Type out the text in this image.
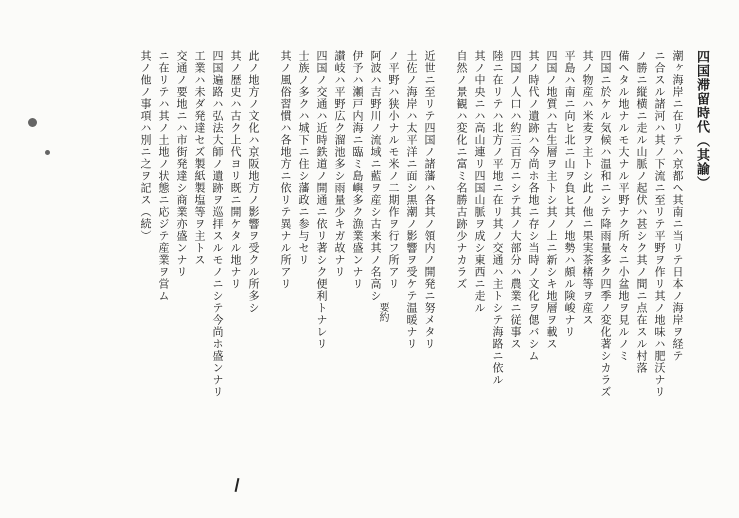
四国滞留時代（其諭）
潮ヶ海岸ニ在リテハ京都ヘ其南ニ当リテ日本ノ海岸ヲ経テ
ニ合スル諸河ハ其ノ下流ニ至リテ平野ヲ作リ其ノ地味ハ肥沃ナリ
ノ勝ニ縦横ニ走ル山脈ノ起伏ハ甚シク其ノ間ニ点在スル村落
備ヘタル地ナルモ大ナル平野ナク所々ニ小盆地ヲ見ルノミ
四国ニ於ケル気候ハ温和ニシテ降雨量多ク四季ノ変化著シカラズ
其ノ物産ハ米麦ヲ主トシ此ノ他ニ果実茶楮等ヲ産ス
平島ハ南ニ向ヒ北ニ山ヲ負ヒ其ノ地勢ハ頗ル険峻ナリ
四国ノ地質ハ古生層ヲ主トシ其ノ上ニ新シキ地層ヲ載ス
其ノ時代ノ遺跡ハ今尚ホ各地ニ存シ当時ノ文化ヲ偲バシム
四国ノ人口ハ約三百万ニシテ其ノ大部分ハ農業ニ従事ス
陸ニ在リテハ北方ノ平地ニ在リ其ノ交通ハ主トシテ海路ニ依ル
其ノ中央ニハ高山連リ四国山脈ヲ成シ東西ニ走ル
自然ノ景観ハ変化ニ富ミ名勝古跡少ナカラズ
近世ニ至リテ四国ノ諸藩ハ各其ノ領内ノ開発ニ努メタリ
土佐ノ海岸ハ太平洋ニ面シ黒潮ノ影響ヲ受ケテ温暖ナリ
ノ平野ハ狭小ナルモ米ノ二期作ヲ行フ所アリ
阿波ハ吉野川ノ流域ニ藍ヲ産シ古来其ノ名高シ
伊予ハ瀬戸内海ニ臨ミ島嶼多ク漁業盛ンナリ
讃岐ハ平野広ク溜池多シ雨量少キガ故ナリ
四国ノ交通ハ近時鉄道ノ開通ニ依リ著シク便利トナレリ
士族ノ多クハ城下ニ住シ藩政ニ参与セリ
其ノ風俗習慣ハ各地方ニ依リテ異ナル所アリ
此ノ地方ノ文化ハ京阪地方ノ影響ヲ受クル所多シ
其ノ歴史ハ古ク上代ヨリ既ニ開ケタル地ナリ
四国遍路ハ弘法大師ノ遺跡ヲ巡拝スルモノニシテ今尚ホ盛ンナリ
工業ハ未ダ発達セズ製紙製塩等ヲ主トス
交通ノ要地ニハ市街発達シ商業亦盛ンナリ
ニ在リテハ其ノ土地ノ状態ニ応ジテ産業ヲ営ム
其ノ他ノ事項ハ別ニ之ヲ記ス（続）
要約
